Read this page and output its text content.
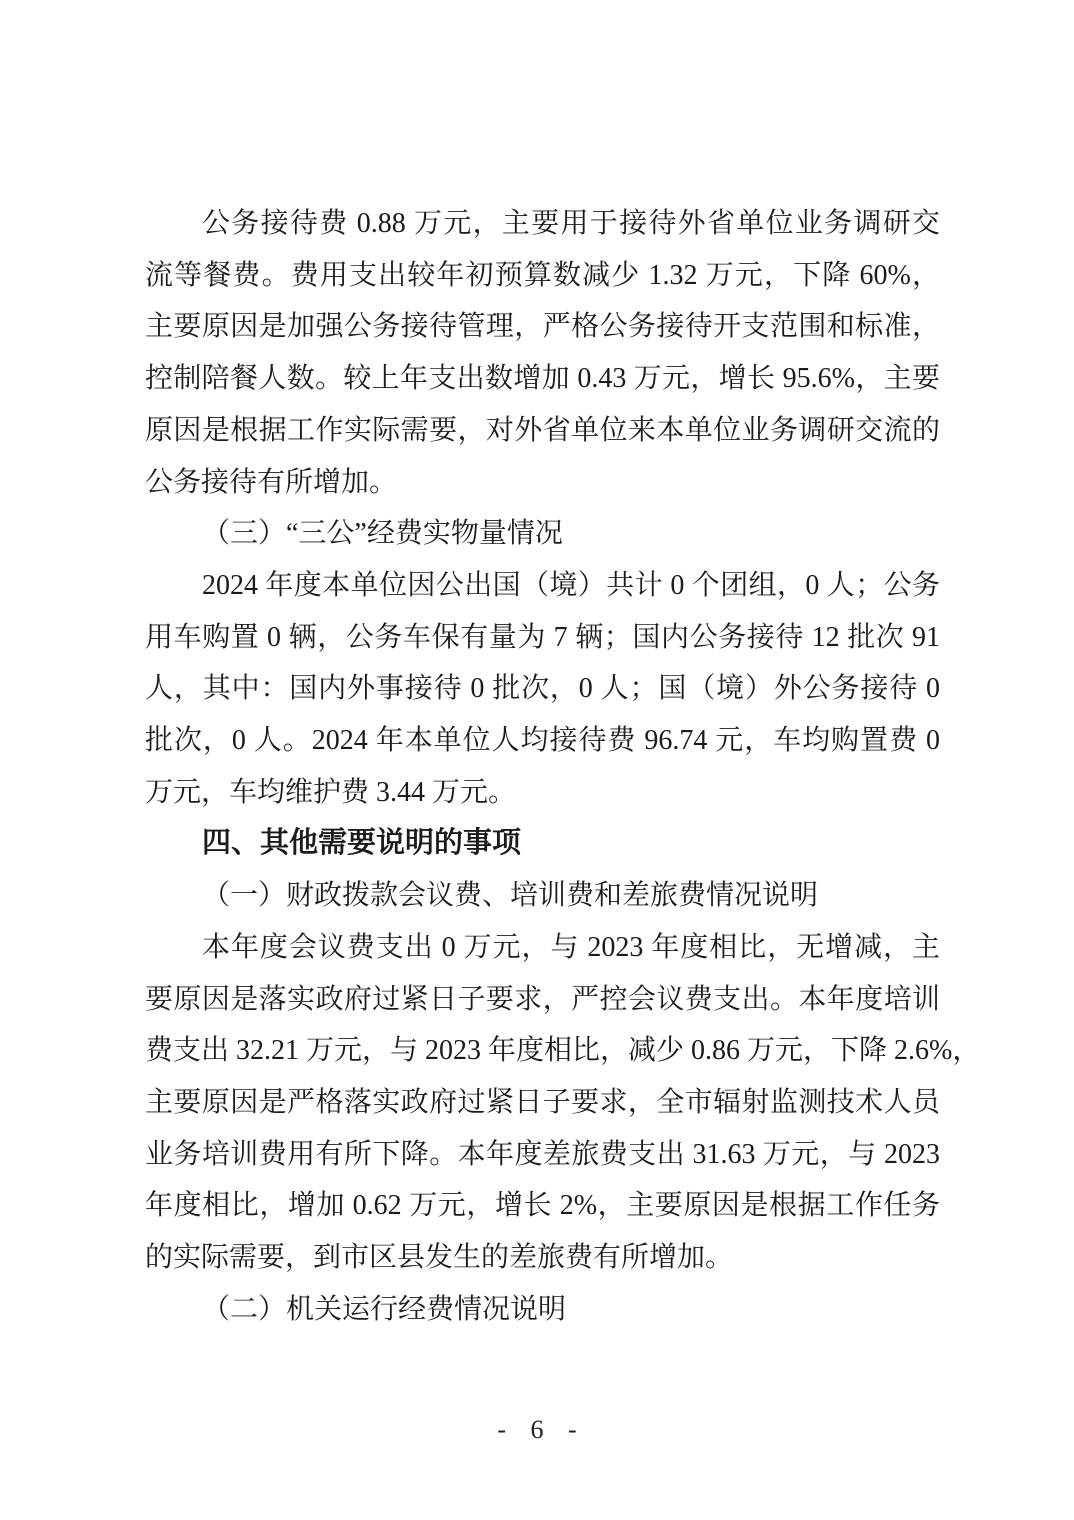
公务接待费 0.88 万元，主要用于接待外省单位业务调研交
流等餐费。费用支出较年初预算数减少 1.32 万元，下降 60%，
主要原因是加强公务接待管理，严格公务接待开支范围和标准，
控制陪餐人数。较上年支出数增加 0.43 万元，增长 95.6%，主要
原因是根据工作实际需要，对外省单位来本单位业务调研交流的
公务接待有所增加。
（三）“三公”经费实物量情况
2024 年度本单位因公出国（境）共计 0 个团组，0 人；公务
用车购置 0 辆，公务车保有量为 7 辆；国内公务接待 12 批次 91
人，其中：国内外事接待 0 批次，0 人；国（境）外公务接待 0
批次，0 人。2024 年本单位人均接待费 96.74 元，车均购置费 0
万元，车均维护费 3.44 万元。
四、其他需要说明的事项
（一）财政拨款会议费、培训费和差旅费情况说明
本年度会议费支出 0 万元，与 2023 年度相比，无增减，主
要原因是落实政府过紧日子要求，严控会议费支出。本年度培训
费支出 32.21 万元，与 2023 年度相比，减少 0.86 万元，下降 2.6%，
主要原因是严格落实政府过紧日子要求，全市辐射监测技术人员
业务培训费用有所下降。本年度差旅费支出 31.63 万元，与 2023
年度相比，增加 0.62 万元，增长 2%，主要原因是根据工作任务
的实际需要，到市区县发生的差旅费有所增加。
（二）机关运行经费情况说明
- 6 -
